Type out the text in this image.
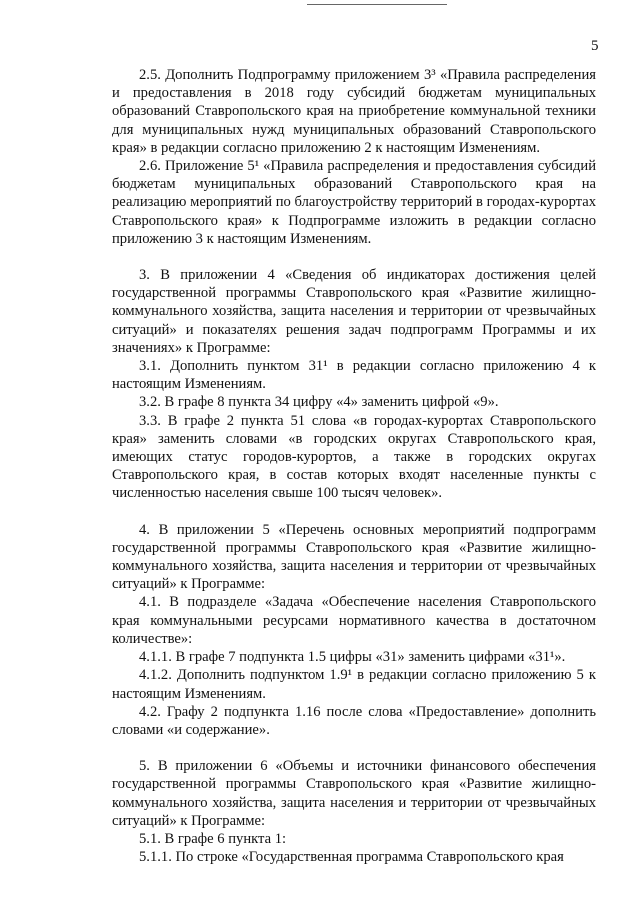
5

2.5. Дополнить Подпрограмму приложением 3³ «Правила распределения и предоставления в 2018 году субсидий бюджетам муниципальных образований Ставропольского края на приобретение коммунальной техники для муниципальных нужд муниципальных образований Ставропольского края» в редакции согласно приложению 2 к настоящим Изменениям.

2.6. Приложение 5¹ «Правила распределения и предоставления субсидий бюджетам муниципальных образований Ставропольского края на реализацию мероприятий по благоустройству территорий в городах-курортах Ставропольского края» к Подпрограмме изложить в редакции согласно приложению 3 к настоящим Изменениям.

3. В приложении 4 «Сведения об индикаторах достижения целей государственной программы Ставропольского края «Развитие жилищно-коммунального хозяйства, защита населения и территории от чрезвычайных ситуаций» и показателях решения задач подпрограмм Программы и их значениях» к Программе:

3.1. Дополнить пунктом 31¹ в редакции согласно приложению 4 к настоящим Изменениям.

3.2. В графе 8 пункта 34 цифру «4» заменить цифрой «9».

3.3. В графе 2 пункта 51 слова «в городах-курортах Ставропольского края» заменить словами «в городских округах Ставропольского края, имеющих статус городов-курортов, а также в городских округах Ставропольского края, в состав которых входят населенные пункты с численностью населения свыше 100 тысяч человек».

4. В приложении 5 «Перечень основных мероприятий подпрограмм государственной программы Ставропольского края «Развитие жилищно-коммунального хозяйства, защита населения и территории от чрезвычайных ситуаций» к Программе:

4.1. В подразделе «Задача «Обеспечение населения Ставропольского края коммунальными ресурсами нормативного качества в достаточном количестве»:

4.1.1. В графе 7 подпункта 1.5 цифры «31» заменить цифрами «31¹».

4.1.2. Дополнить подпунктом 1.9¹ в редакции согласно приложению 5 к настоящим Изменениям.

4.2. Графу 2 подпункта 1.16 после слова «Предоставление» дополнить словами «и содержание».

5. В приложении 6 «Объемы и источники финансового обеспечения государственной программы Ставропольского края «Развитие жилищно-коммунального хозяйства, защита населения и территории от чрезвычайных ситуаций» к Программе:

5.1. В графе 6 пункта 1:

5.1.1. По строке «Государственная программа Ставропольского края
